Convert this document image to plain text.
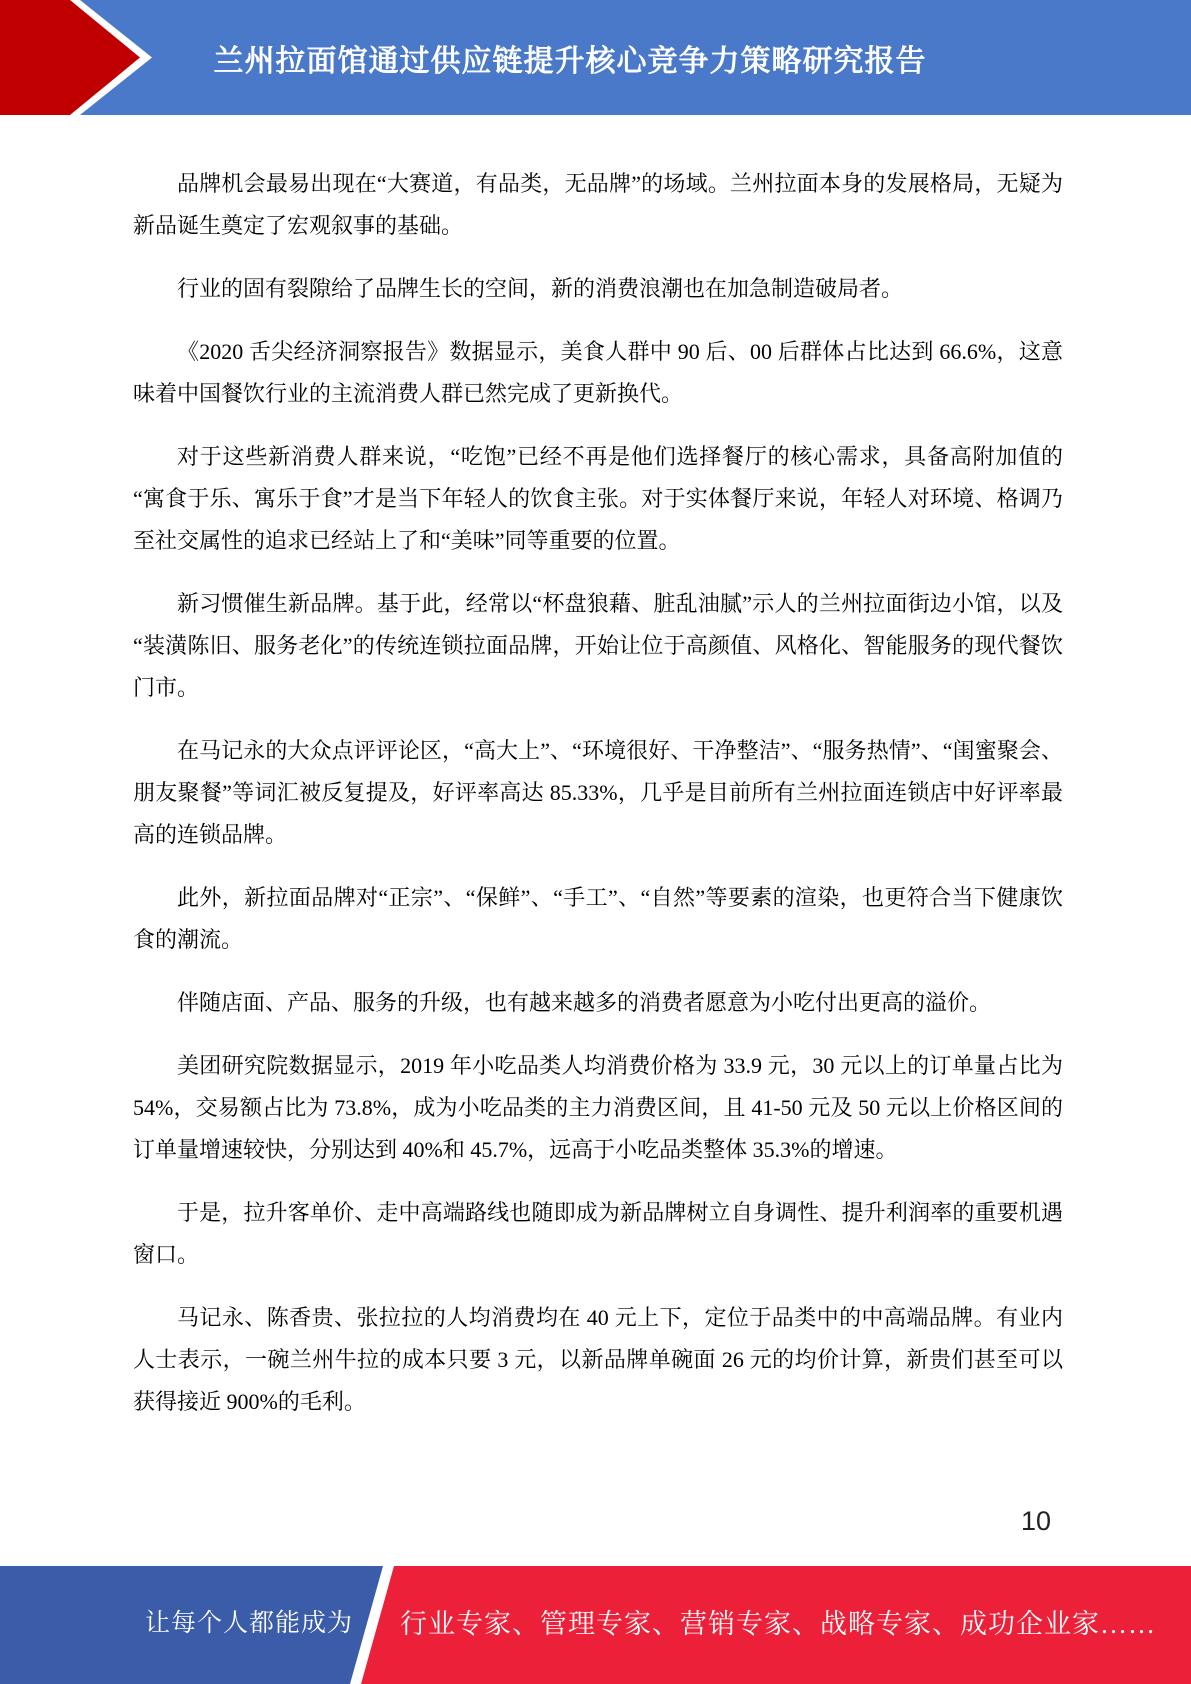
兰州拉面馆通过供应链提升核心竞争力策略研究报告

品牌机会最易出现在“大赛道，有品类，无品牌”的场域。兰州拉面本身的发展格局，无疑为新品诞生奠定了宏观叙事的基础。

行业的固有裂隙给了品牌生长的空间，新的消费浪潮也在加急制造破局者。

《2020 舌尖经济洞察报告》数据显示，美食人群中 90 后、00 后群体占比达到 66.6%，这意味着中国餐饮行业的主流消费人群已然完成了更新换代。

对于这些新消费人群来说，“吃饱”已经不再是他们选择餐厅的核心需求，具备高附加值的“寓食于乐、寓乐于食”才是当下年轻人的饮食主张。对于实体餐厅来说，年轻人对环境、格调乃至社交属性的追求已经站上了和“美味”同等重要的位置。

新习惯催生新品牌。基于此，经常以“杯盘狼藉、脏乱油腻”示人的兰州拉面街边小馆，以及“装潢陈旧、服务老化”的传统连锁拉面品牌，开始让位于高颜值、风格化、智能服务的现代餐饮门市。

在马记永的大众点评评论区，“高大上”、“环境很好、干净整洁”、“服务热情”、“闺蜜聚会、朋友聚餐”等词汇被反复提及，好评率高达 85.33%，几乎是目前所有兰州拉面连锁店中好评率最高的连锁品牌。

此外，新拉面品牌对“正宗”、“保鲜”、“手工”、“自然”等要素的渲染，也更符合当下健康饮食的潮流。

伴随店面、产品、服务的升级，也有越来越多的消费者愿意为小吃付出更高的溢价。

美团研究院数据显示，2019 年小吃品类人均消费价格为 33.9 元，30 元以上的订单量占比为 54%，交易额占比为 73.8%，成为小吃品类的主力消费区间，且 41-50 元及 50 元以上价格区间的订单量增速较快，分别达到 40%和 45.7%，远高于小吃品类整体 35.3%的增速。

于是，拉升客单价、走中高端路线也随即成为新品牌树立自身调性、提升利润率的重要机遇窗口。

马记永、陈香贵、张拉拉的人均消费均在 40 元上下，定位于品类中的中高端品牌。有业内人士表示，一碗兰州牛拉的成本只要 3 元，以新品牌单碗面 26 元的均价计算，新贵们甚至可以获得接近 900%的毛利。

10
让每个人都能成为 行业专家、管理专家、营销专家、战略专家、成功企业家……
